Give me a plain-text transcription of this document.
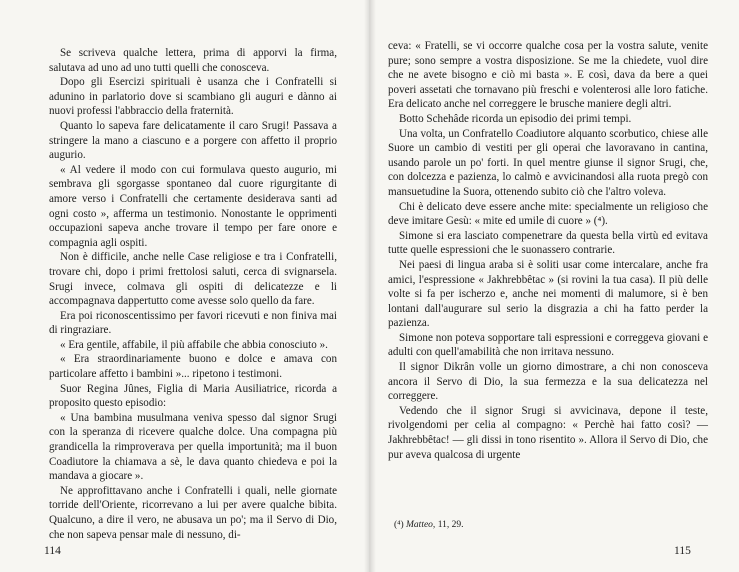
Se scriveva qualche lettera, prima di apporvi la firma, salutava ad uno ad uno tutti quelli che conosceva.

Dopo gli Esercizi spirituali è usanza che i Confratelli si adunino in parlatorio dove si scambiano gli auguri e dànno ai nuovi professi l'abbraccio della fraternità.

Quanto lo sapeva fare delicatamente il caro Srugi! Passava a stringere la mano a ciascuno e a porgere con affetto il proprio augurio.

« Al vedere il modo con cui formulava questo augurio, mi sembrava gli sgorgasse spontaneo dal cuore rigurgitante di amore verso i Confratelli che certamente desiderava santi ad ogni costo », afferma un testimonio. Nonostante le opprimenti occupazioni sapeva anche trovare il tempo per fare onore e compagnia agli ospiti.

Non è difficile, anche nelle Case religiose e tra i Confratelli, trovare chi, dopo i primi frettolosi saluti, cerca di svignarsela. Srugi invece, colmava gli ospiti di delicatezze e li accompagnava dappertutto come avesse solo quello da fare.

Era poi riconoscentissimo per favori ricevuti e non finiva mai di ringraziare.

« Era gentile, affabile, il più affabile che abbia conosciuto ».

« Era straordinariamente buono e dolce e amava con particolare affetto i bambini »... ripetono i testimoni.

Suor Regina Jûnes, Figlia di Maria Ausiliatrice, ricorda a proposito questo episodio:

« Una bambina musulmana veniva spesso dal signor Srugi con la speranza di ricevere qualche dolce. Una compagna più grandicella la rimproverava per quella importunità; ma il buon Coadiutore la chiamava a sè, le dava quanto chiedeva e poi la mandava a giocare ».

Ne approfittavano anche i Confratelli i quali, nelle giornate torride dell'Oriente, ricorrevano a lui per avere qualche bibita. Qualcuno, a dire il vero, ne abusava un po'; ma il Servo di Dio, che non sapeva pensar male di nessuno, di-

114

ceva: « Fratelli, se vi occorre qualche cosa per la vostra salute, venite pure; sono sempre a vostra disposizione. Se me la chiedete, vuol dire che ne avete bisogno e ciò mi basta ». E così, dava da bere a quei poveri assetati che tornavano più freschi e volenterosi alle loro fatiche. Era delicato anche nel correggere le brusche maniere degli altri.

Botto Schehâde ricorda un episodio dei primi tempi.

Una volta, un Confratello Coadiutore alquanto scorbutico, chiese alle Suore un cambio di vestiti per gli operai che lavoravano in cantina, usando parole un po' forti. In quel mentre giunse il signor Srugi, che, con dolcezza e pazienza, lo calmò e avvicinandosi alla ruota pregò con mansuetudine la Suora, ottenendo subito ciò che l'altro voleva.

Chi è delicato deve essere anche mite: specialmente un religioso che deve imitare Gesù: « mite ed umile di cuore » (⁴).

Simone si era lasciato compenetrare da questa bella virtù ed evitava tutte quelle espressioni che le suonassero contrarie.

Nei paesi di lingua araba si è soliti usar come intercalare, anche fra amici, l'espressione « Jakhrebbêtac » (si rovini la tua casa). Il più delle volte si fa per ischerzo e, anche nei momenti di malumore, si è ben lontani dall'augurare sul serio la disgrazia a chi ha fatto perder la pazienza.

Simone non poteva sopportare tali espressioni e correggeva giovani e adulti con quell'amabilità che non irritava nessuno.

Il signor Dikrân volle un giorno dimostrare, a chi non conosceva ancora il Servo di Dio, la sua fermezza e la sua delicatezza nel correggere.

Vedendo che il signor Srugi si avvicinava, depone il teste, rivolgendomi per celia al compagno: « Perchè hai fatto così? — Jakhrebbêtac! — gli dissi in tono risentito ». Allora il Servo di Dio, che pur aveva qualcosa di urgente

(⁴) Matteo, 11, 29.
115
